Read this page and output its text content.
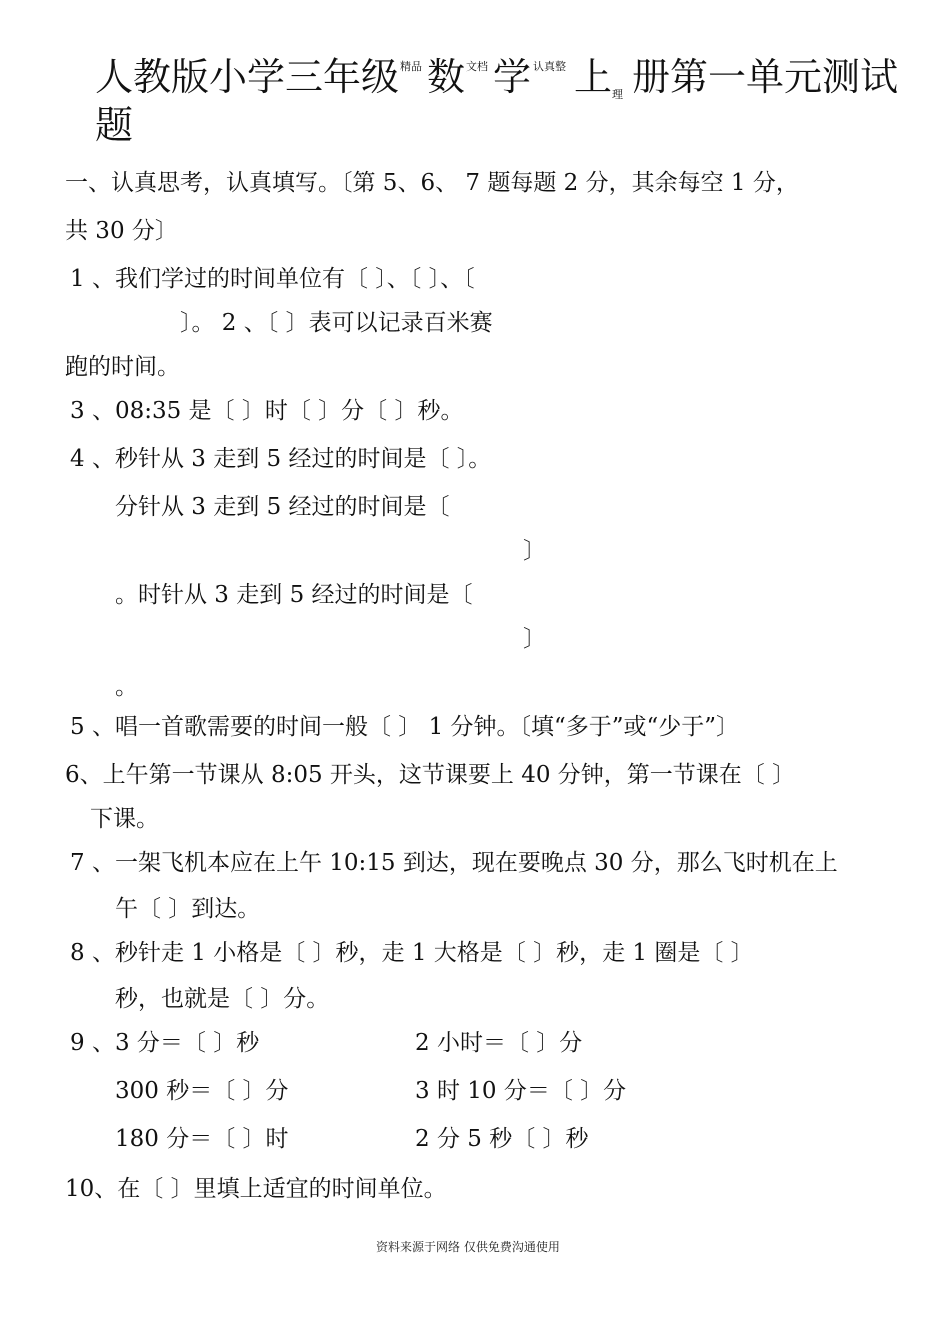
人教版小学三年级 精品 数 文档 学 认真整 上 理 册第一单元测试
题
一、认真思考，认真填写。〔第 5、6、 7 题每题 2 分，其余每空 1 分，
共 30 分〕
1 、我们学过的时间单位有〔 〕、〔 〕、〔
〕。 2 、〔 〕表可以记录百米赛
跑的时间。
3 、08:35 是〔 〕时〔 〕分〔 〕秒。
4 、秒针从 3 走到 5 经过的时间是〔 〕。
分针从 3 走到 5 经过的时间是〔
〕
。时针从 3 走到 5 经过的时间是〔
〕
。
5 、唱一首歌需要的时间一般〔 〕 1 分钟。〔填“多于”或“少于”〕
6、上午第一节课从 8:05 开头，这节课要上 40 分钟，第一节课在〔 〕
下课。
7 、一架飞机本应在上午 10:15 到达，现在要晚点 30 分，那么飞时机在上
午〔 〕到达。
8 、秒针走 1 小格是〔 〕秒，走 1 大格是〔 〕秒，走 1 圈是〔 〕
秒，也就是〔 〕分。
9 、3 分＝〔 〕秒	2 小时＝〔 〕分
300 秒＝〔 〕分	3 时 10 分＝〔 〕分
180 分＝〔 〕时	2 分 5 秒〔 〕秒
10、在〔 〕里填上适宜的时间单位。
资料来源于网络 仅供免费沟通使用
